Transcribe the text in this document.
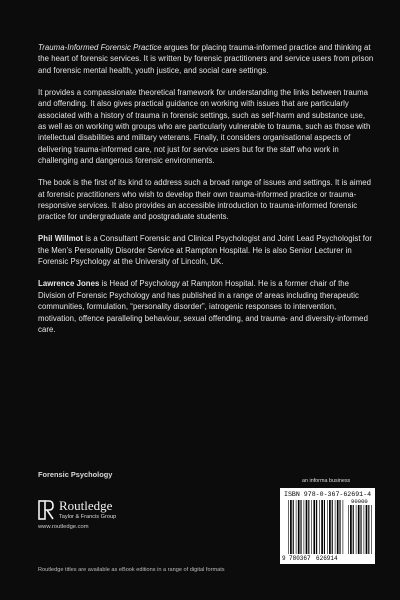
Trauma-Informed Forensic Practice argues for placing trauma-informed practice and thinking at the heart of forensic services. It is written by forensic practitioners and service users from prison and forensic mental health, youth justice, and social care settings.

It provides a compassionate theoretical framework for understanding the links between trauma and offending. It also gives practical guidance on working with issues that are particularly associated with a history of trauma in forensic settings, such as self-harm and substance use, as well as on working with groups who are particularly vulnerable to trauma, such as those with intellectual disabilities and military veterans. Finally, it considers organisational aspects of delivering trauma-informed care, not just for service users but for the staff who work in challenging and dangerous forensic environments.

The book is the first of its kind to address such a broad range of issues and settings. It is aimed at forensic practitioners who wish to develop their own trauma-informed practice or trauma-responsive services. It also provides an accessible introduction to trauma-informed forensic practice for undergraduate and postgraduate students.

Phil Willmot is a Consultant Forensic and Clinical Psychologist and Joint Lead Psychologist for the Men’s Personality Disorder Service at Rampton Hospital. He is also Senior Lecturer in Forensic Psychology at the University of Lincoln, UK.

Lawrence Jones is Head of Psychology at Rampton Hospital. He is a former chair of the Division of Forensic Psychology and has published in a range of areas including therapeutic communities, formulation, “personality disorder”, iatrogenic responses to intervention, motivation, offence paralleling behaviour, sexual offending, and trauma- and diversity-informed care.

Forensic Psychology
Routledge
Taylor & Francis Group
www.routledge.com
an informa business
ISBN 978-0-367-62691-4
90000
9 780367 626914
Routledge titles are available as eBook editions in a range of digital formats
